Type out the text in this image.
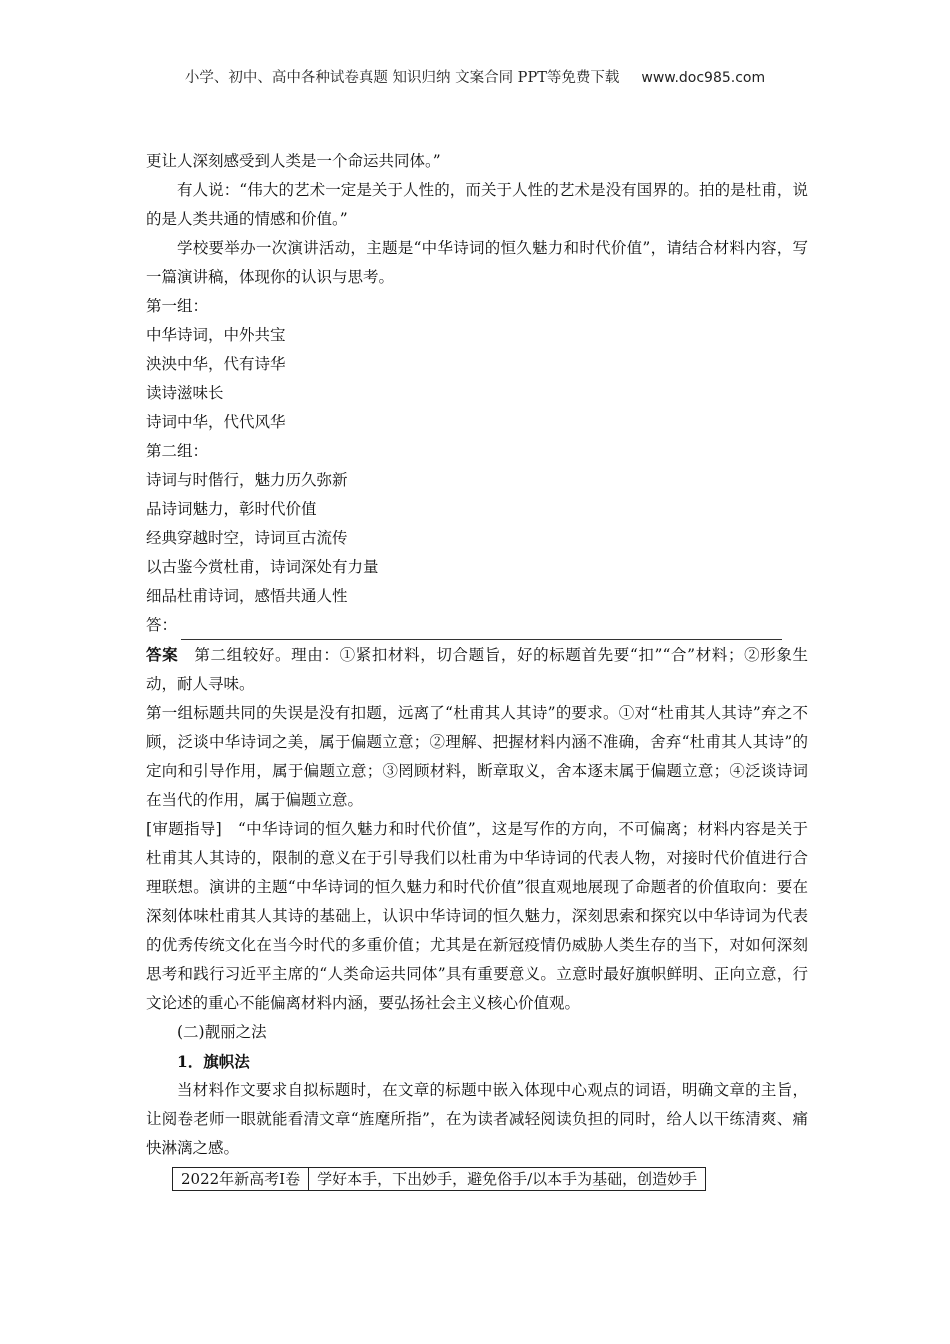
小学、初中、高中各种试卷真题 知识归纳 文案合同 PPT等免费下载 www.doc985.com

更让人深刻感受到人类是一个命运共同体。”

有人说：“伟大的艺术一定是关于人性的，而关于人性的艺术是没有国界的。拍的是杜甫，说的是人类共通的情感和价值。”

学校要举办一次演讲活动，主题是“中华诗词的恒久魅力和时代价值”，请结合材料内容，写一篇演讲稿，体现你的认识与思考。

第一组：
中华诗词，中外共宝
泱泱中华，代有诗华
读诗滋味长
诗词中华，代代风华
第二组：
诗词与时偕行，魅力历久弥新
品诗词魅力，彰时代价值
经典穿越时空，诗词亘古流传
以古鉴今赏杜甫，诗词深处有力量
细品杜甫诗词，感悟共通人性
答：

答案　 第二组较好。理由：①紧扣材料，切合题旨，好的标题首先要“扣”“合”材料；②形象生动，耐人寻味。

第一组标题共同的失误是没有扣题，远离了“杜甫其人其诗”的要求。①对“杜甫其人其诗”弃之不顾，泛谈中华诗词之美，属于偏题立意；②理解、把握材料内涵不准确，舍弃“杜甫其人其诗”的定向和引导作用，属于偏题立意；③罔顾材料，断章取义，舍本逐末属于偏题立意；④泛谈诗词在当代的作用，属于偏题立意。

[审题指导]　 “中华诗词的恒久魅力和时代价值”，这是写作的方向，不可偏离；材料内容是关于杜甫其人其诗的，限制的意义在于引导我们以杜甫为中华诗词的代表人物，对接时代价值进行合理联想。演讲的主题“中华诗词的恒久魅力和时代价值”很直观地展现了命题者的价值取向：要在深刻体味杜甫其人其诗的基础上，认识中华诗词的恒久魅力，深刻思索和探究以中华诗词为代表的优秀传统文化在当今时代的多重价值；尤其是在新冠疫情仍威胁人类生存的当下，对如何深刻思考和践行习近平主席的“人类命运共同体”具有重要意义。立意时最好旗帜鲜明、正向立意，行文论述的重心不能偏离材料内涵，要弘扬社会主义核心价值观。

(二)靓丽之法

1．旗帜法

当材料作文要求自拟标题时，在文章的标题中嵌入体现中心观点的词语，明确文章的主旨，让阅卷老师一眼就能看清文章“旌麾所指”，在为读者减轻阅读负担的同时，给人以干练清爽、痛快淋漓之感。

2022年新高考Ⅰ卷	学好本手，下出妙手，避免俗手/以本手为基础，创造妙手
